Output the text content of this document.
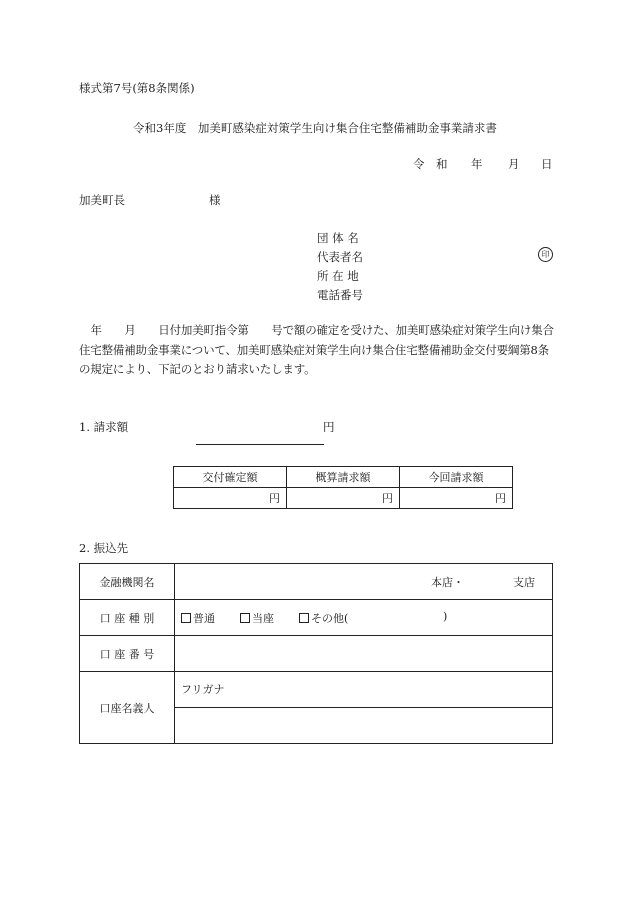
様式第7号(第8条関係)
令和3年度　加美町感染症対策学生向け集合住宅整備補助金事業請求書
令　和 年 月 日
加美町長	様
団 体 名
代表者名
所 在 地
電話番号
印
年　　月　　日付加美町指令第　　号で額の確定を受けた、加美町感染症対策学生向け集合住宅整備補助金事業について、加美町感染症対策学生向け集合住宅整備補助金交付要綱第8条の規定により、下記のとおり請求いたします。
1. 請求額	円
交付確定額	概算請求額	今回請求額
円	円	円
2. 振込先
金融機関名	本店・ 支店

口 座 種 別	普通 当座 その他( )

口 座 番 号	
口座名義人	フリガナ
